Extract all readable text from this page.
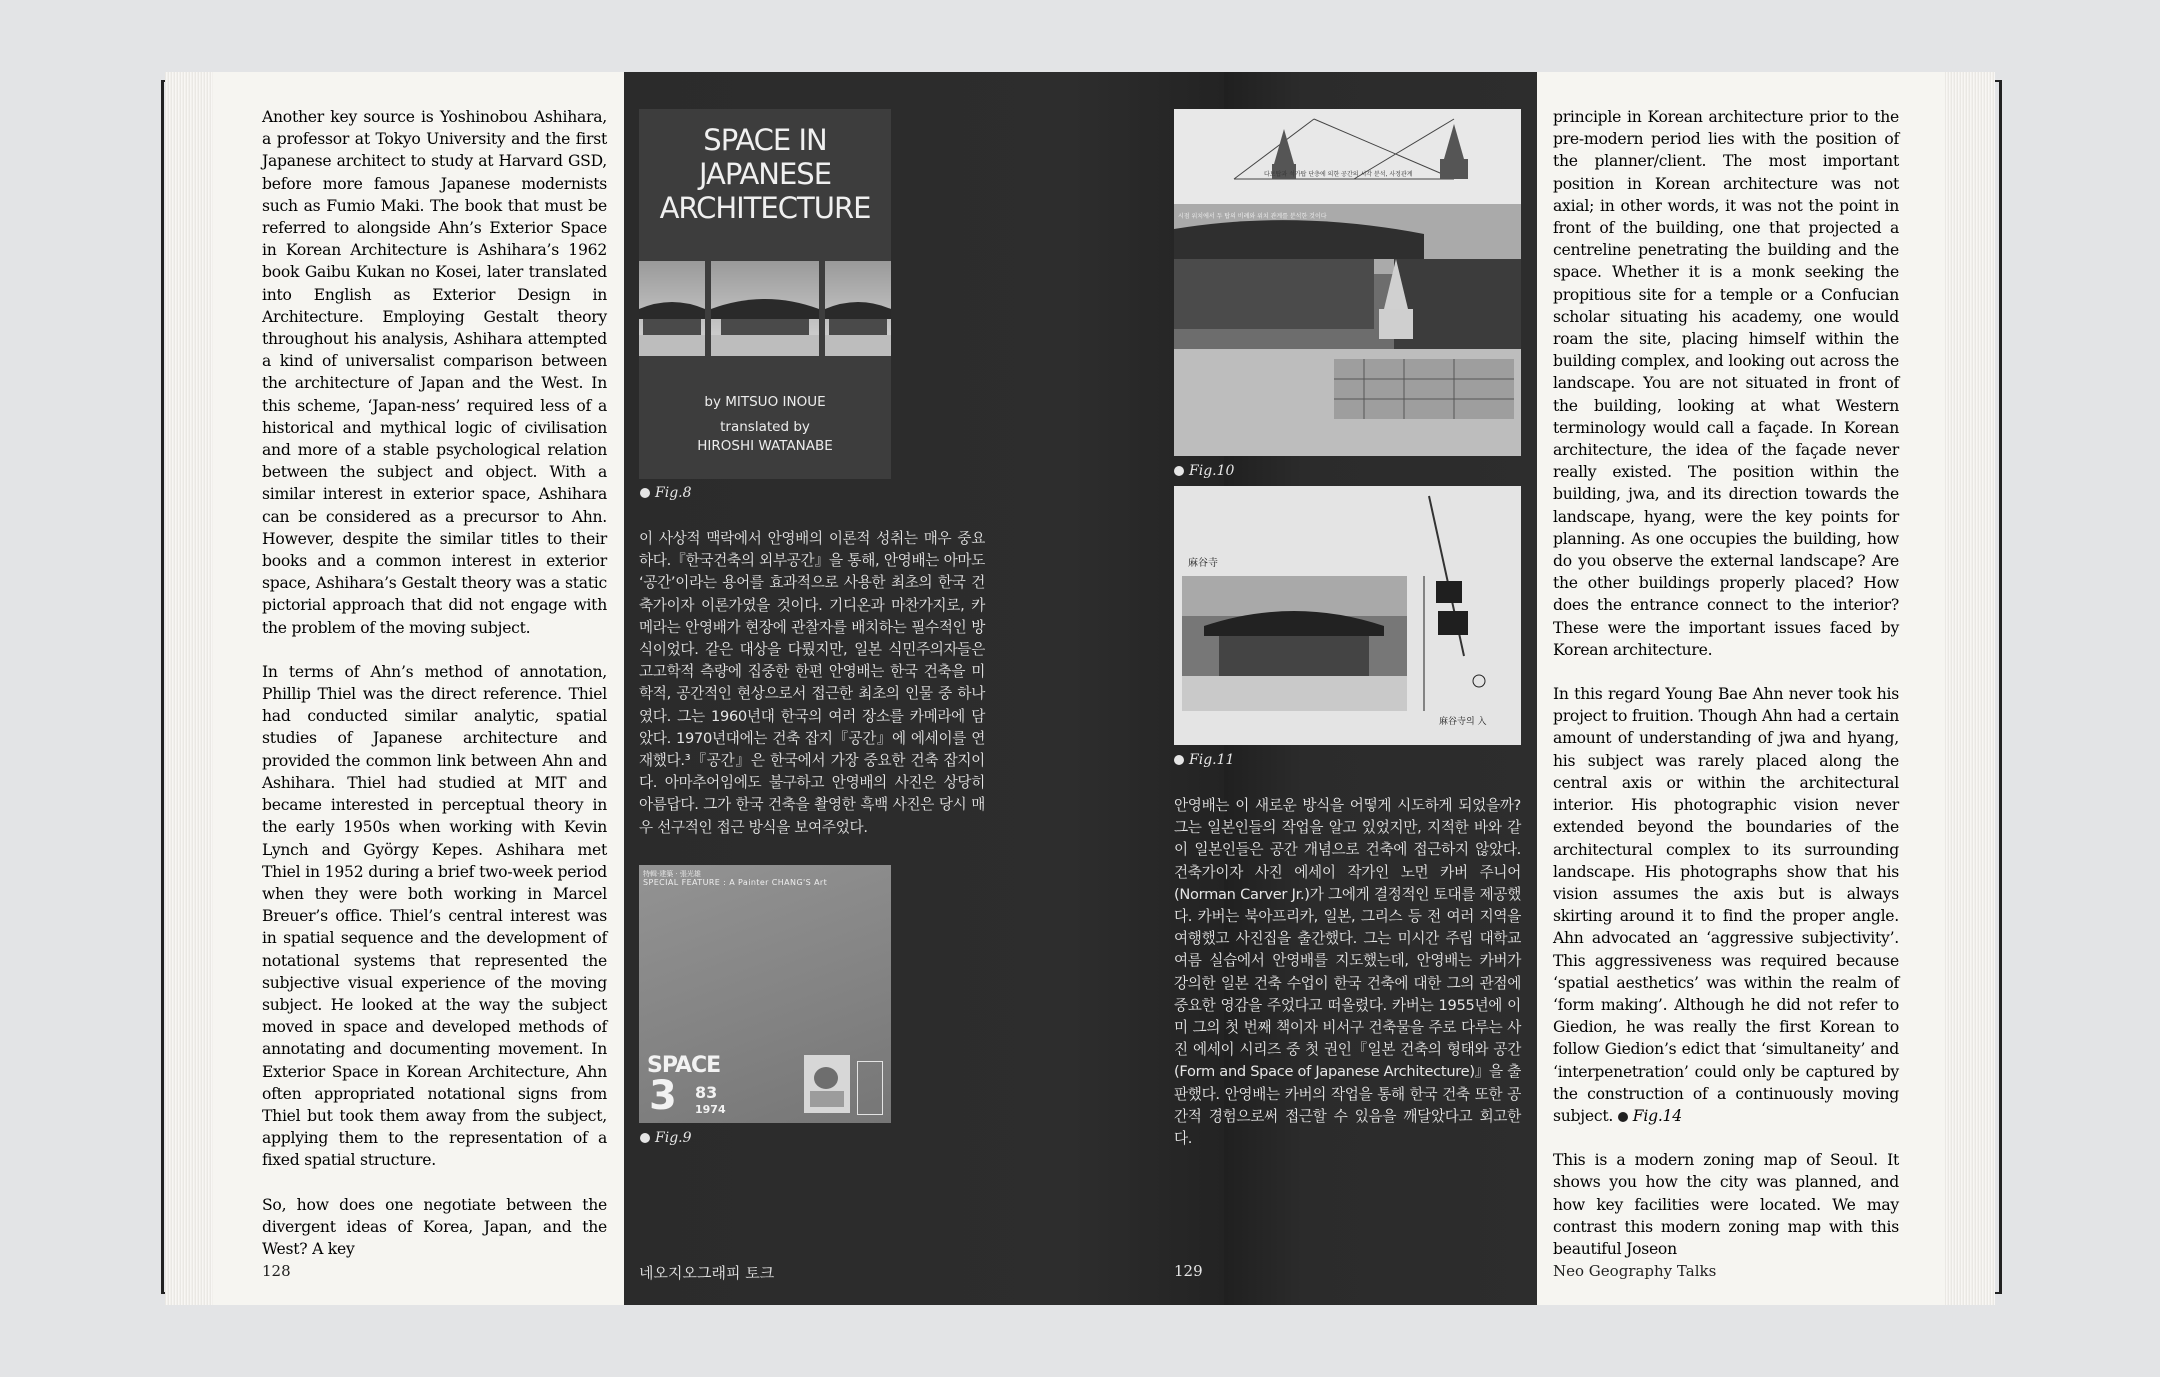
Another key source is Yoshinobou Ashihara, a professor at Tokyo University and the first Japanese architect to study at Harvard GSD, before more famous Japanese modernists such as Fumio Maki. The book that must be referred to alongside Ahn’s Exterior Space in Korean Architecture is Ashihara’s 1962 book Gaibu Kukan no Kosei, later translated into English as Exterior Design in Architecture. Employing Gestalt theory throughout his analysis, Ashihara attempted a kind of universalist comparison between the architecture of Japan and the West. In this scheme, ‘Japan-ness’ required less of a historical and mythical logic of civilisation and more of a stable psychological relation between the subject and object. With a similar interest in exterior space, Ashihara can be considered as a precursor to Ahn. However, despite the similar titles to their books and a common interest in exterior space, Ashihara’s Gestalt theory was a static pictorial approach that did not engage with the problem of the moving subject.

In terms of Ahn’s method of annotation, Phillip Thiel was the direct reference. Thiel had conducted similar analytic, spatial studies of Japanese architecture and provided the common link between Ahn and Ashihara. Thiel had studied at MIT and became interested in perceptual theory in the early 1950s when working with Kevin Lynch and György Kepes. Ashihara met Thiel in 1952 during a brief two-week period when they were both working in Marcel Breuer’s office. Thiel’s central interest was in spatial sequence and the development of notational systems that represented the subjective visual experience of the moving subject. He looked at the way the subject moved in space and developed methods of annotating and documenting movement. In Exterior Space in Korean Architecture, Ahn often appropriated notational signs from Thiel but took them away from the subject, applying them to the representation of a fixed spatial structure.

So, how does one negotiate between the divergent ideas of Korea, Japan, and the West? A key

128
SPACE IN
JAPANESE
ARCHITECTURE
by MITSUO INOUE
translated by
HIROSHI WATANABE
Fig.8
이 사상적 맥락에서 안영배의 이론적 성취는 매우 중요하다.『한국건축의 외부공간』을 통해, 안영배는 아마도 ‘공간’이라는 용어를 효과적으로 사용한 최초의 한국 건축가이자 이론가였을 것이다. 기디온과 마찬가지로, 카메라는 안영배가 현장에 관찰자를 배치하는 필수적인 방식이었다. 같은 대상을 다뤘지만, 일본 식민주의자들은 고고학적 측량에 집중한 한편 안영배는 한국 건축을 미학적, 공간적인 현상으로서 접근한 최초의 인물 중 하나였다. 그는 1960년대 한국의 여러 장소를 카메라에 담았다. 1970년대에는 건축 잡지『공간』에 에세이를 연재했다.³『공간』은 한국에서 가장 중요한 건축 잡지이다. 아마추어임에도 불구하고 안영배의 사진은 상당히 아름답다. 그가 한국 건축을 촬영한 흑백 사진은 당시 매우 선구적인 접근 방식을 보여주었다.
特輯·建築 · 張光雄
SPECIAL FEATURE : A Painter CHANG'S Art
SPACE
3 83
1974
Fig.9
네오지오그래피 토크
다보탑과 석가탑 단층에 의한 공간의 시각 분석, 사정관계
시점 위치에서 두 탑의 비례와 위치 관계를 분석한 것이다
Fig.10
麻谷寺
麻谷寺의 入
Fig.11
안영배는 이 새로운 방식을 어떻게 시도하게 되었을까? 그는 일본인들의 작업을 알고 있었지만, 지적한 바와 같이 일본인들은 공간 개념으로 건축에 접근하지 않았다. 건축가이자 사진 에세이 작가인 노먼 카버 주니어(Norman Carver Jr.)가 그에게 결정적인 토대를 제공했다. 카버는 북아프리카, 일본, 그리스 등 전 여러 지역을 여행했고 사진집을 출간했다. 그는 미시간 주립 대학교 여름 실습에서 안영배를 지도했는데, 안영배는 카버가 강의한 일본 건축 수업이 한국 건축에 대한 그의 관점에 중요한 영감을 주었다고 떠올렸다. 카버는 1955년에 이미 그의 첫 번째 책이자 비서구 건축물을 주로 다루는 사진 에세이 시리즈 중 첫 권인『일본 건축의 형태와 공간(Form and Space of Japanese Architecture)』을 출판했다. 안영배는 카버의 작업을 통해 한국 건축 또한 공간적 경험으로써 접근할 수 있음을 깨달았다고 회고한다.
129

principle in Korean architecture prior to the pre-modern period lies with the position of the planner/client. The most important position in Korean architecture was not axial; in other words, it was not the point in front of the building, one that projected a centreline penetrating the building and the space. Whether it is a monk seeking the propitious site for a temple or a Confucian scholar situating his academy, one would roam the site, placing himself within the building complex, and looking out across the landscape. You are not situated in front of the building, looking at what Western terminology would call a façade. In Korean architecture, the idea of the façade never really existed. The position within the building, jwa, and its direction towards the landscape, hyang, were the key points for planning. As one occupies the building, how do you observe the external landscape? Are the other buildings properly placed? How does the entrance connect to the interior? These were the important issues faced by Korean architecture.

In this regard Young Bae Ahn never took his project to fruition. Though Ahn had a certain amount of understanding of jwa and hyang, his subject was rarely placed along the central axis or within the architectural interior. His photographic vision never extended beyond the boundaries of the architectural complex to its surrounding landscape. His photographs show that his vision assumes the axis but is always skirting around it to find the proper angle. Ahn advocated an ‘aggressive subjectivity’. This aggressiveness was required because ‘spatial aesthetics’ was within the realm of ‘form making’. Although he did not refer to Giedion, he was really the first Korean to follow Giedion’s edict that ‘simultaneity’ and ‘interpenetration’ could only be captured by the construction of a continuously moving subject. Fig.14

This is a modern zoning map of Seoul. It shows you how the city was planned, and how key facilities were located. We may contrast this modern zoning map with this beautiful Joseon

Neo Geography Talks
